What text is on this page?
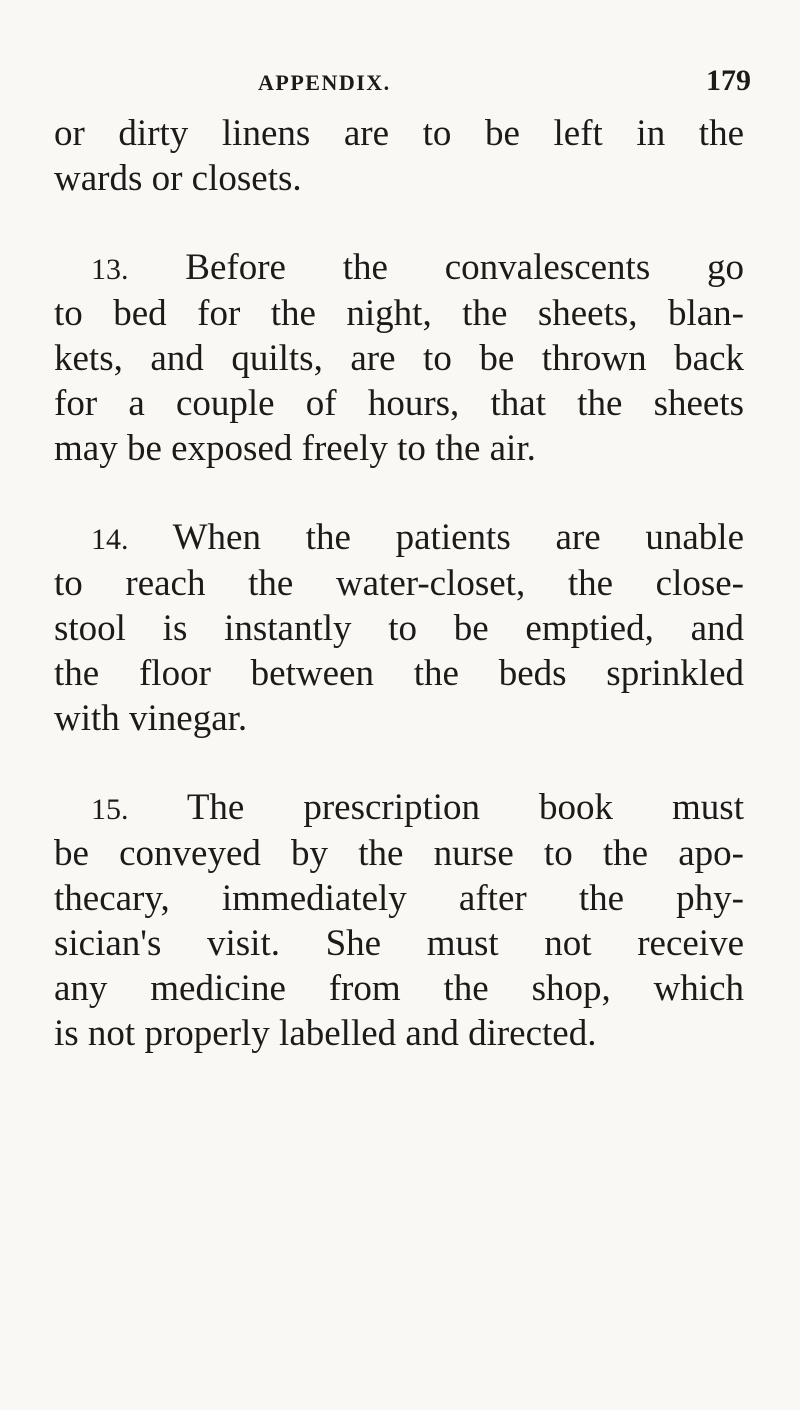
APPENDIX.	179

or dirty linens are to be left in the
wards or closets.

 13. Before the convalescents go
to bed for the night, the sheets, blan-
kets, and quilts, are to be thrown back
for a couple of hours, that the sheets
may be exposed freely to the air.

 14. When the patients are unable
to reach the water-closet, the close-
stool is instantly to be emptied, and
the floor between the beds sprinkled
with vinegar.

 15. The prescription book must
be conveyed by the nurse to the apo-
thecary, immediately after the phy-
sician's visit. She must not receive
any medicine from the shop, which
is not properly labelled and directed.
